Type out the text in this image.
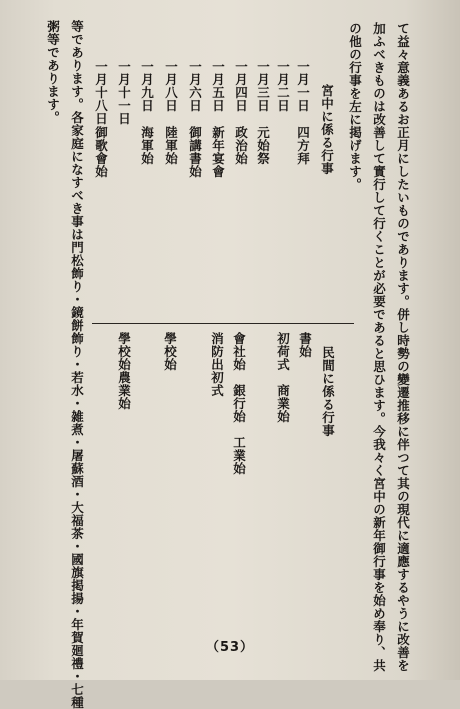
て益々意義あるお正月にしたいものであります。併し時勢の變遷推移に伴つて其の現代に適應するやうに改善を
加ふべきものは改善して實行して行くことが必要であると思ひます。今我々く宮中の新年御行事を始め奉り、共
の他の行事を左に掲げます。
宮中に係る行事
一月一日
四方拜
一月二日
一月三日
元始祭
一月四日
政治始
一月五日
新年宴會
一月六日
御講書始
一月八日
陸軍始
一月九日
海軍始
一月十一日
一月十八日
御歌會始
民間に係る行事
書始
初荷式　商業始
會社始　銀行始　工業始
消防出初式
學校始
學校始農業始
等であります。各家庭になすべき事は門松飾り・鏡餅飾り・若水・雑煮・屠蘇酒・大福茶・國旗掲揚・年賀廻禮・七種
粥等であります。
（53）
